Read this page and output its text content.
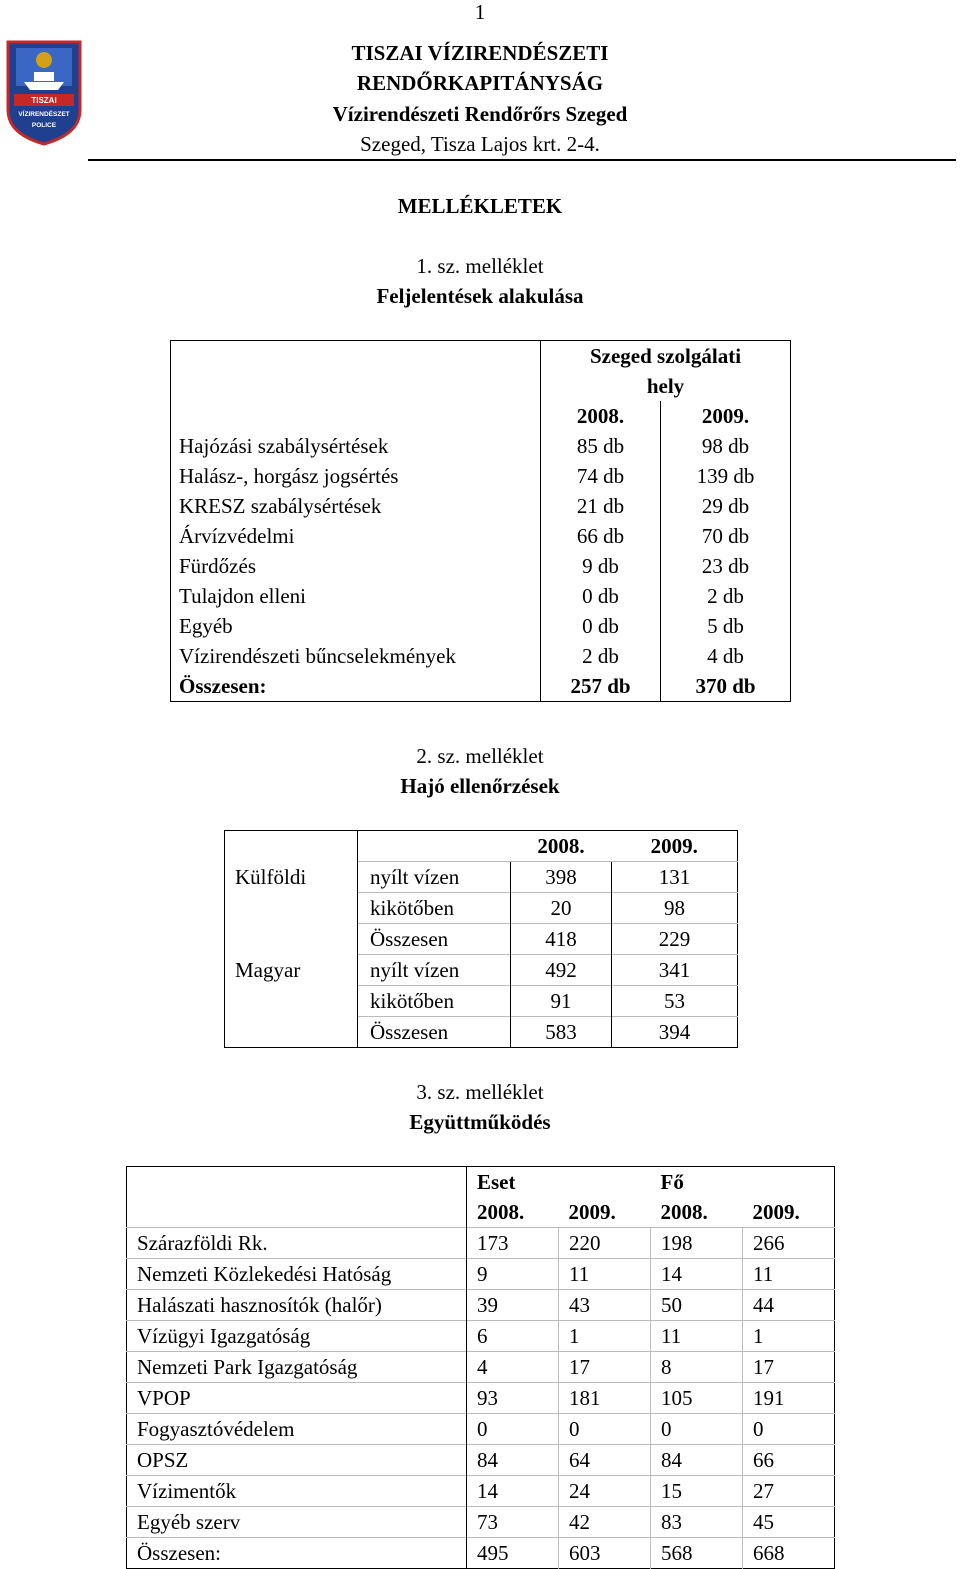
1
TISZAI
VÍZIRENDÉSZET
POLICE
TISZAI VÍZIRENDÉSZETI
RENDŐRKAPITÁNYSÁG
Vízirendészeti Rendőrőrs Szeged
Szeged, Tisza Lajos krt. 2-4.
MELLÉKLETEK
1. sz. melléklet
Feljelentések alakulása
	Szeged szolgálati hely	

	2008.	2009.
Hajózási szabálysértések	85 db	98 db
Halász-, horgász jogsértés	74 db	139 db
KRESZ szabálysértések	21 db	29 db
Árvízvédelmi	66 db	70 db
Fürdőzés	9 db	23 db
Tulajdon elleni	0 db	2 db
Egyéb	0 db	5 db
Vízirendészeti bűncselekmények	2 db	4 db
Összesen:	257 db	370 db
2. sz. melléklet
Hajó ellenőrzések
		2008.	2009.
Külföldi	nyílt vízen	398	131
	kikötőben	20	98
	Összesen	418	229
Magyar	nyílt vízen	492	341
	kikötőben	91	53
	Összesen	583	394
3. sz. melléklet
Együttműködés
	Eset		Fő	
	2008.	2009.	2008.	2009.
Szárazföldi Rk.	173	220	198	266
Nemzeti Közlekedési Hatóság	9	11	14	11
Halászati hasznosítók (halőr)	39	43	50	44
Vízügyi Igazgatóság	6	1	11	1
Nemzeti Park Igazgatóság	4	17	8	17
VPOP	93	181	105	191
Fogyasztóvédelem	0	0	0	0
OPSZ	84	64	84	66
Vízimentők	14	24	15	27
Egyéb szerv	73	42	83	45
Összesen:	495	603	568	668
